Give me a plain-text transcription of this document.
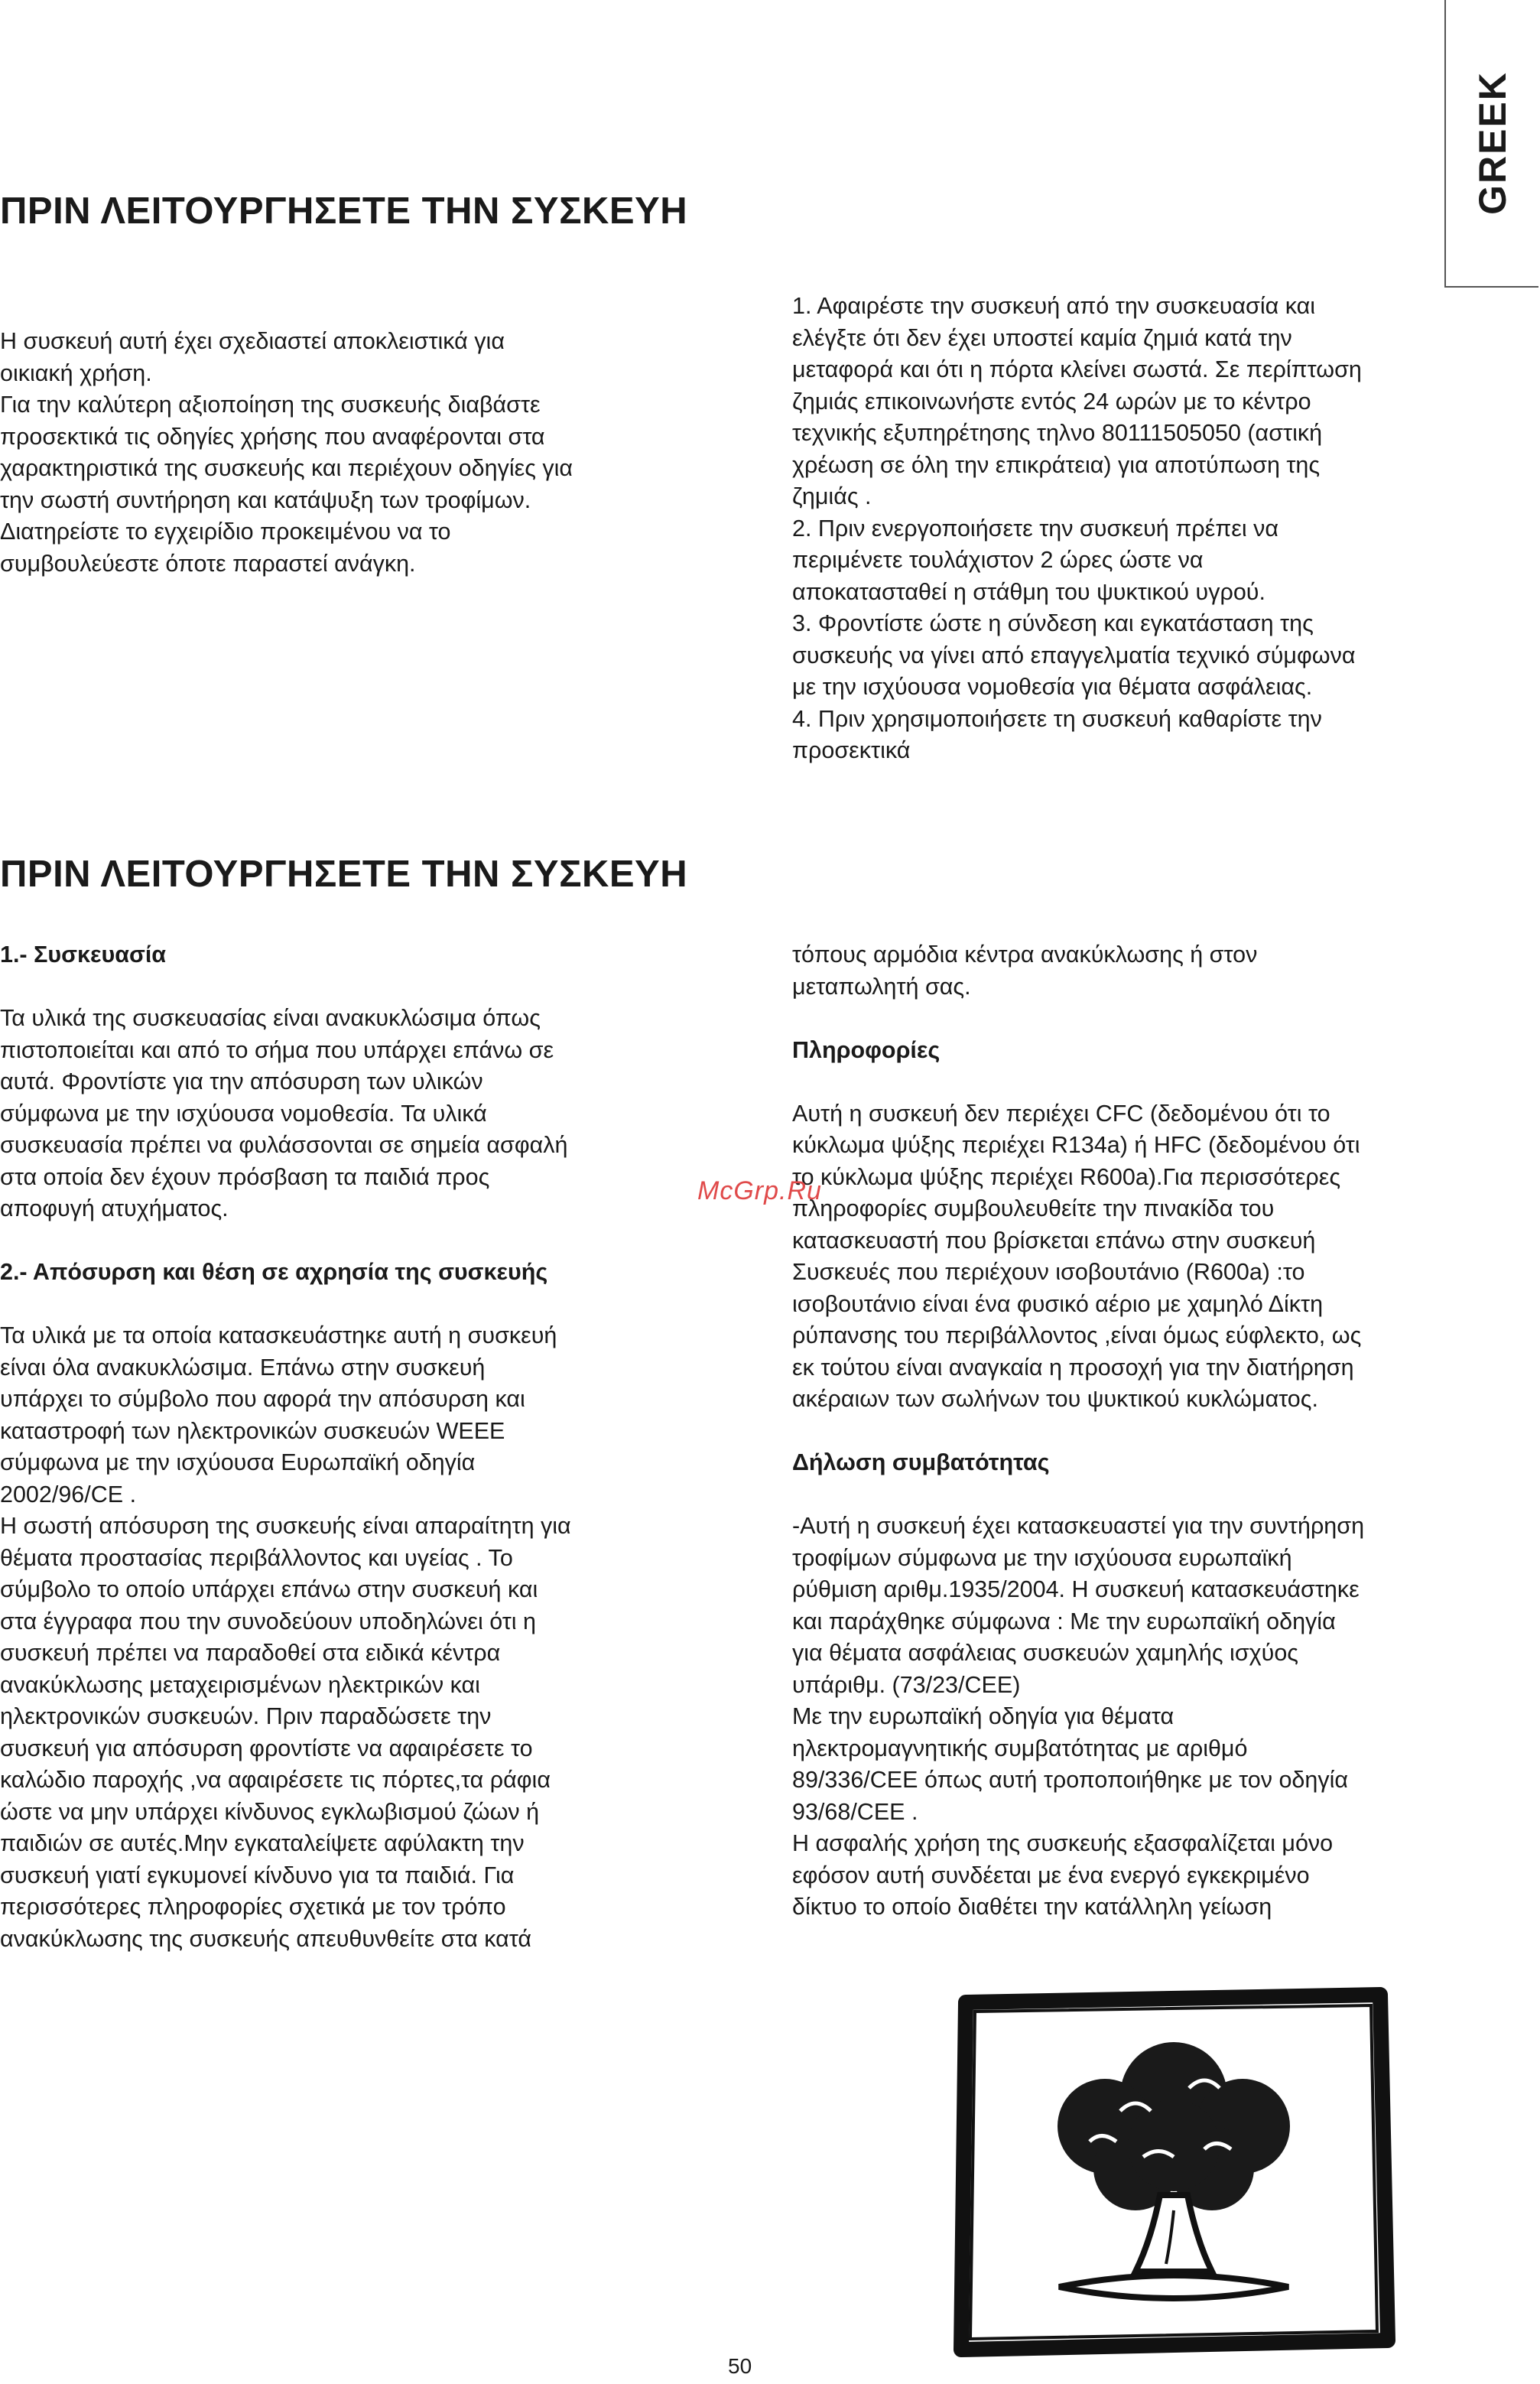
GREEK
ΠΡΙΝ ΛΕΙΤΟΥΡΓΗΣΕΤΕ ΤΗΝ ΣΥΣΚΕΥΗ

Η συσκευή αυτή έχει σχεδιαστεί αποκλειστικά για
οικιακή χρήση.
Για την καλύτερη αξιοποίηση της συσκευής διαβάστε
προσεκτικά τις οδηγίες χρήσης που αναφέρονται στα
χαρακτηριστικά της συσκευής και περιέχουν οδηγίες για
την σωστή συντήρηση και κατάψυξη των τροφίμων.
Διατηρείστε το εγχειρίδιο προκειμένου να το
συμβουλεύεστε όποτε παραστεί ανάγκη.

1. Αφαιρέστε την συσκευή από την συσκευασία και
ελέγξτε ότι δεν έχει υποστεί καμία ζημιά κατά την
μεταφορά και ότι η πόρτα κλείνει σωστά. Σε περίπτωση
ζημιάς επικοινωνήστε εντός 24 ωρών με το κέντρο
τεχνικής εξυπηρέτησης τηλνο 80111505050 (αστική
χρέωση σε όλη την επικράτεια) για αποτύπωση της
ζημιάς .
2. Πριν ενεργοποιήσετε την συσκευή πρέπει να
περιμένετε τουλάχιστον 2 ώρες ώστε να
αποκατασταθεί η στάθμη του ψυκτικού υγρού.
3. Φροντίστε ώστε η σύνδεση και εγκατάσταση της
συσκευής να γίνει από επαγγελματία τεχνικό σύμφωνα
με την ισχύουσα νομοθεσία για θέματα ασφάλειας.
4. Πριν χρησιμοποιήσετε τη συσκευή καθαρίστε την
προσεκτικά

ΠΡΙΝ ΛΕΙΤΟΥΡΓΗΣΕΤΕ ΤΗΝ ΣΥΣΚΕΥΗ

1.- Συσκευασία

Τα υλικά της συσκευασίας είναι ανακυκλώσιμα όπως
πιστοποιείται και από το σήμα που υπάρχει επάνω σε
αυτά. Φροντίστε για την απόσυρση των υλικών
σύμφωνα με την ισχύουσα νομοθεσία. Τα υλικά
συσκευασία πρέπει να φυλάσσονται σε σημεία ασφαλή
στα οποία δεν έχουν πρόσβαση τα παιδιά προς
αποφυγή ατυχήματος.

2.- Απόσυρση και θέση σε αχρησία της συσκευής

Τα υλικά με τα οποία κατασκευάστηκε αυτή η συσκευή
είναι όλα ανακυκλώσιμα. Επάνω στην συσκευή
υπάρχει το σύμβολο που αφορά την απόσυρση και
καταστροφή των ηλεκτρονικών συσκευών WEEE
σύμφωνα με την ισχύουσα Ευρωπαϊκή οδηγία
2002/96/CE .
Η σωστή απόσυρση της συσκευής είναι απαραίτητη για
θέματα προστασίας περιβάλλοντος και υγείας . Το
σύμβολο το οποίο υπάρχει επάνω στην συσκευή και
στα έγγραφα που την συνοδεύουν υποδηλώνει ότι η
συσκευή πρέπει να παραδοθεί στα ειδικά κέντρα
ανακύκλωσης μεταχειρισμένων ηλεκτρικών και
ηλεκτρονικών συσκευών. Πριν παραδώσετε την
συσκευή για απόσυρση φροντίστε να αφαιρέσετε το
καλώδιο παροχής ,να αφαιρέσετε τις πόρτες,τα ράφια
ώστε να μην υπάρχει κίνδυνος εγκλωβισμού ζώων ή
παιδιών σε αυτές.Μην εγκαταλείψετε αφύλακτη την
συσκευή γιατί εγκυμονεί κίνδυνο για τα παιδιά. Για
περισσότερες πληροφορίες σχετικά με τον τρόπο
ανακύκλωσης της συσκευής απευθυνθείτε στα κατά

τόπους αρμόδια κέντρα ανακύκλωσης ή στον
μεταπωλητή σας.

Πληροφορίες

Αυτή η συσκευή δεν περιέχει CFC (δεδομένου ότι το
κύκλωμα ψύξης περιέχει R134a) ή HFC (δεδομένου ότι
το κύκλωμα ψύξης περιέχει R600a).Για περισσότερες
πληροφορίες συμβουλευθείτε την πινακίδα του
κατασκευαστή που βρίσκεται επάνω στην συσκευή
Συσκευές που περιέχουν ισοβουτάνιο (R600a) :το
ισοβουτάνιο είναι ένα φυσικό αέριο με χαμηλό Δίκτη
ρύπανσης του περιβάλλοντος ,είναι όμως εύφλεκτο, ως
εκ τούτου είναι αναγκαία η προσοχή για την διατήρηση
ακέραιων των σωλήνων του ψυκτικού κυκλώματος.

Δήλωση συμβατότητας

-Αυτή η συσκευή έχει κατασκευαστεί για την συντήρηση
τροφίμων σύμφωνα με την ισχύουσα ευρωπαϊκή
ρύθμιση αριθμ.1935/2004. Η συσκευή κατασκευάστηκε
και παράχθηκε σύμφωνα : Με την ευρωπαϊκή οδηγία
για θέματα ασφάλειας συσκευών χαμηλής ισχύος
υπάριθμ. (73/23/CEE)
Με την ευρωπαϊκή οδηγία για θέματα
ηλεκτρομαγνητικής συμβατότητας με αριθμό
89/336/CEE όπως αυτή τροποποιήθηκε με τον οδηγία
93/68/CEE .
Η ασφαλής χρήση της συσκευής εξασφαλίζεται μόνο
εφόσον αυτή συνδέεται με ένα ενεργό εγκεκριμένο
δίκτυο το οποίο διαθέτει την κατάλληλη γείωση

McGrp.Ru
50
